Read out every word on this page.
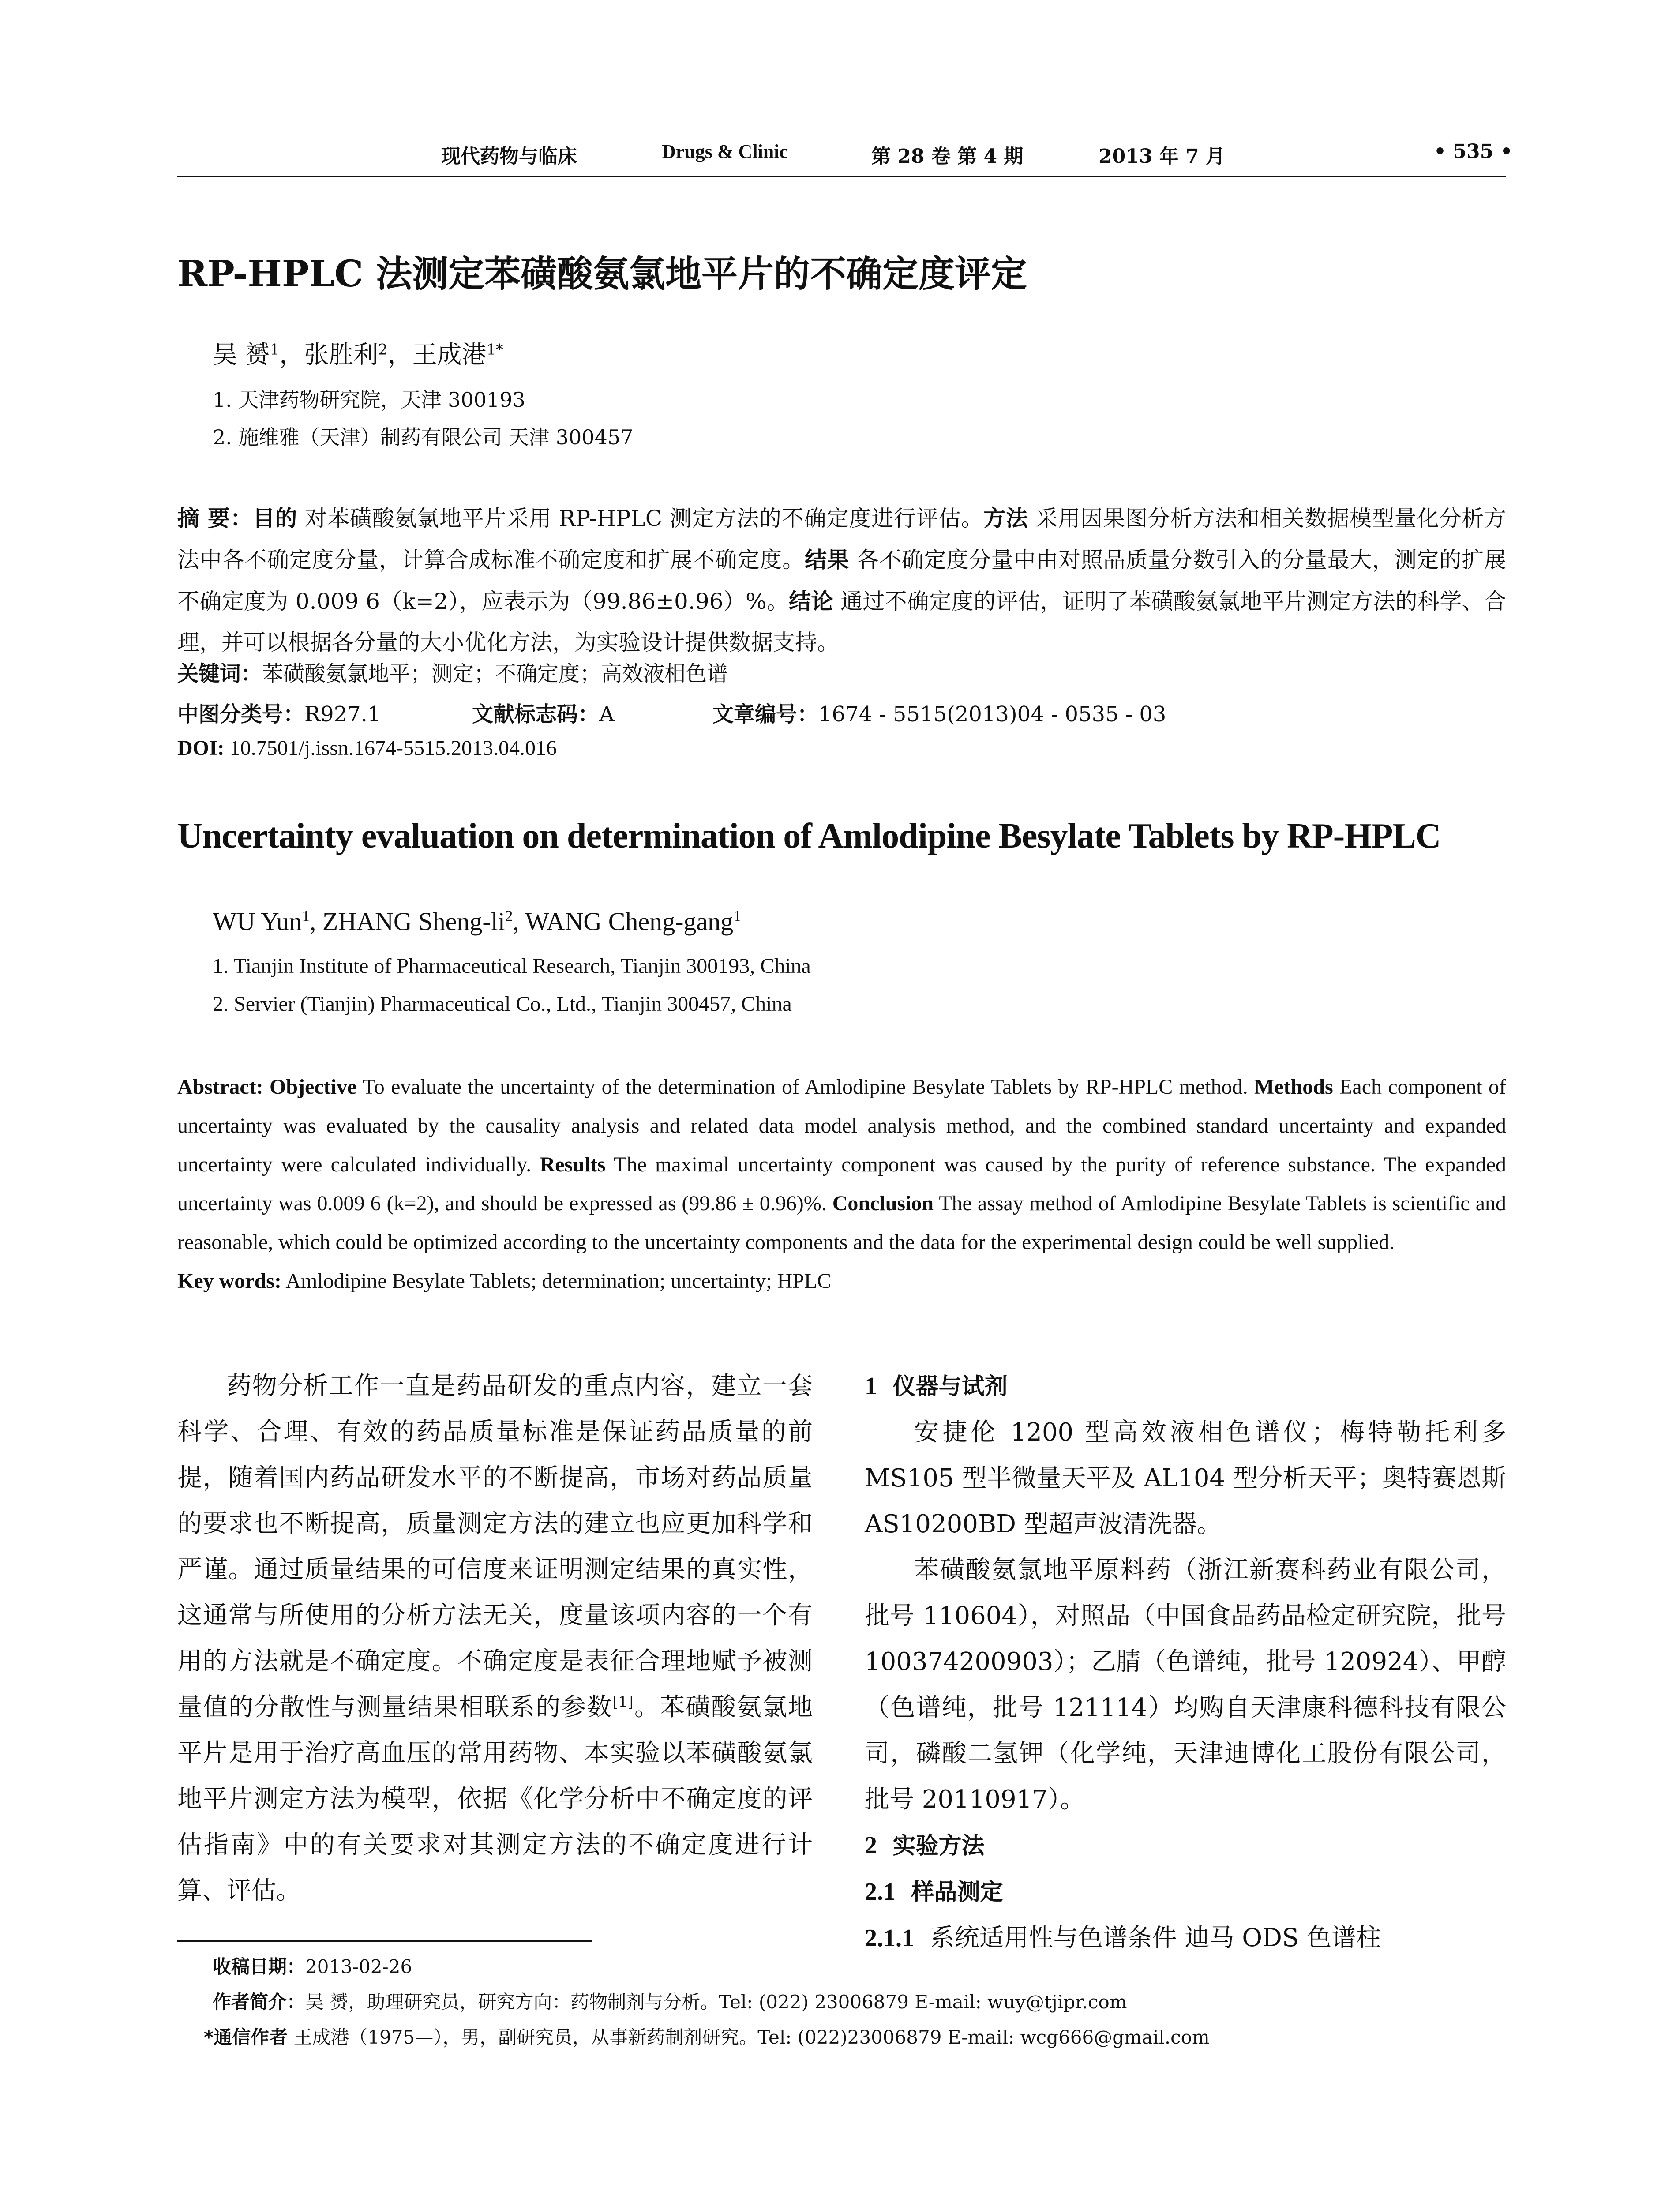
现代药物与临床	Drugs & Clinic	第 28 卷 第 4 期	2013 年 7 月	• 535 •
RP-HPLC 法测定苯磺酸氨氯地平片的不确定度评定
吴 赟$^1$，张胜利$^2$，王成港$^{1*}$
1. 天津药物研究院，天津 300193
2. 施维雅（天津）制药有限公司 天津 300457
摘 要：目的 对苯磺酸氨氯地平片采用 RP-HPLC 测定方法的不确定度进行评估。方法 采用因果图分析方法和相关数据模型量化分析方法中各不确定度分量，计算合成标准不确定度和扩展不确定度。结果 各不确定度分量中由对照品质量分数引入的分量最大，测定的扩展不确定度为 0.009 6（k=2），应表示为（99.86±0.96）%。结论 通过不确定度的评估，证明了苯磺酸氨氯地平片测定方法的科学、合理，并可以根据各分量的大小优化方法，为实验设计提供数据支持。
关键词：苯磺酸氨氯地平；测定；不确定度；高效液相色谱
中图分类号：R927.1	文献标志码：A	文章编号：1674 - 5515(2013)04 - 0535 - 03
DOI: 10.7501/j.issn.1674-5515.2013.04.016
Uncertainty evaluation on determination of Amlodipine Besylate Tablets by RP-HPLC
WU Yun$^1$, ZHANG Sheng-$li^2$, WANG Cheng-gang$^1$
1. Tianjin Institute of Pharmaceutical Research, Tianjin 300193, China
2. Servier (Tianjin) Pharmaceutical Co., Ltd., Tianjin 300457, China
Abstract: Objective To evaluate the uncertainty of the determination of Amlodipine Besylate Tablets by RP-HPLC method. Methods Each component of uncertainty was evaluated by the causality analysis and related data model analysis method, and the combined standard uncertainty and expanded uncertainty were calculated individually. Results The maximal uncertainty component was caused by the purity of reference substance. The expanded uncertainty was 0.009 6 (k=2), and should be expressed as (99.86 ± 0.96)%. Conclusion The assay method of Amlodipine Besylate Tablets is scientific and reasonable, which could be optimized according to the uncertainty components and the data for the experimental design could be well supplied.
Key words: Amlodipine Besylate Tablets; determination; uncertainty; HPLC
药物分析工作一直是药品研发的重点内容，建立一套科学、合理、有效的药品质量标准是保证药品质量的前提，随着国内药品研发水平的不断提高，市场对药品质量的要求也不断提高，质量测定方法的建立也应更加科学和严谨。通过质量结果的可信度来证明测定结果的真实性，这通常与所使用的分析方法无关，度量该项内容的一个有用的方法就是不确定度。不确定度是表征合理地赋予被测量值的分散性与测量结果相联系的参数[1]。苯磺酸氨氯地平片是用于治疗高血压的常用药物、本实验以苯磺酸氨氯地平片测定方法为模型，依据《化学分析中不确定度的评估指南》中的有关要求对其测定方法的不确定度进行计算、评估。

1 仪器与试剂

安捷伦 1200 型高效液相色谱仪；梅特勒托利多 MS105 型半微量天平及 AL104 型分析天平；奥特赛恩斯 AS10200BD 型超声波清洗器。

苯磺酸氨氯地平原料药（浙江新赛科药业有限公司，批号 110604），对照品（中国食品药品检定研究院，批号 100374200903）；乙腈（色谱纯，批号 120924）、甲醇（色谱纯，批号 121114）均购自天津康科德科技有限公司，磷酸二氢钾（化学纯，天津迪博化工股份有限公司，批号 20110917）。

2 实验方法

2.1 样品测定

2.1.1 系统适用性与色谱条件 迪马 ODS 色谱柱

收稿日期：2013-02-26
作者简介：吴 赟，助理研究员，研究方向：药物制剂与分析。Tel: (022) 23006879 E-mail: wuy@tjipr.com
*通信作者 王成港（1975—），男，副研究员，从事新药制剂研究。Tel: (022)23006879 E-mail: wcg666@gmail.com
